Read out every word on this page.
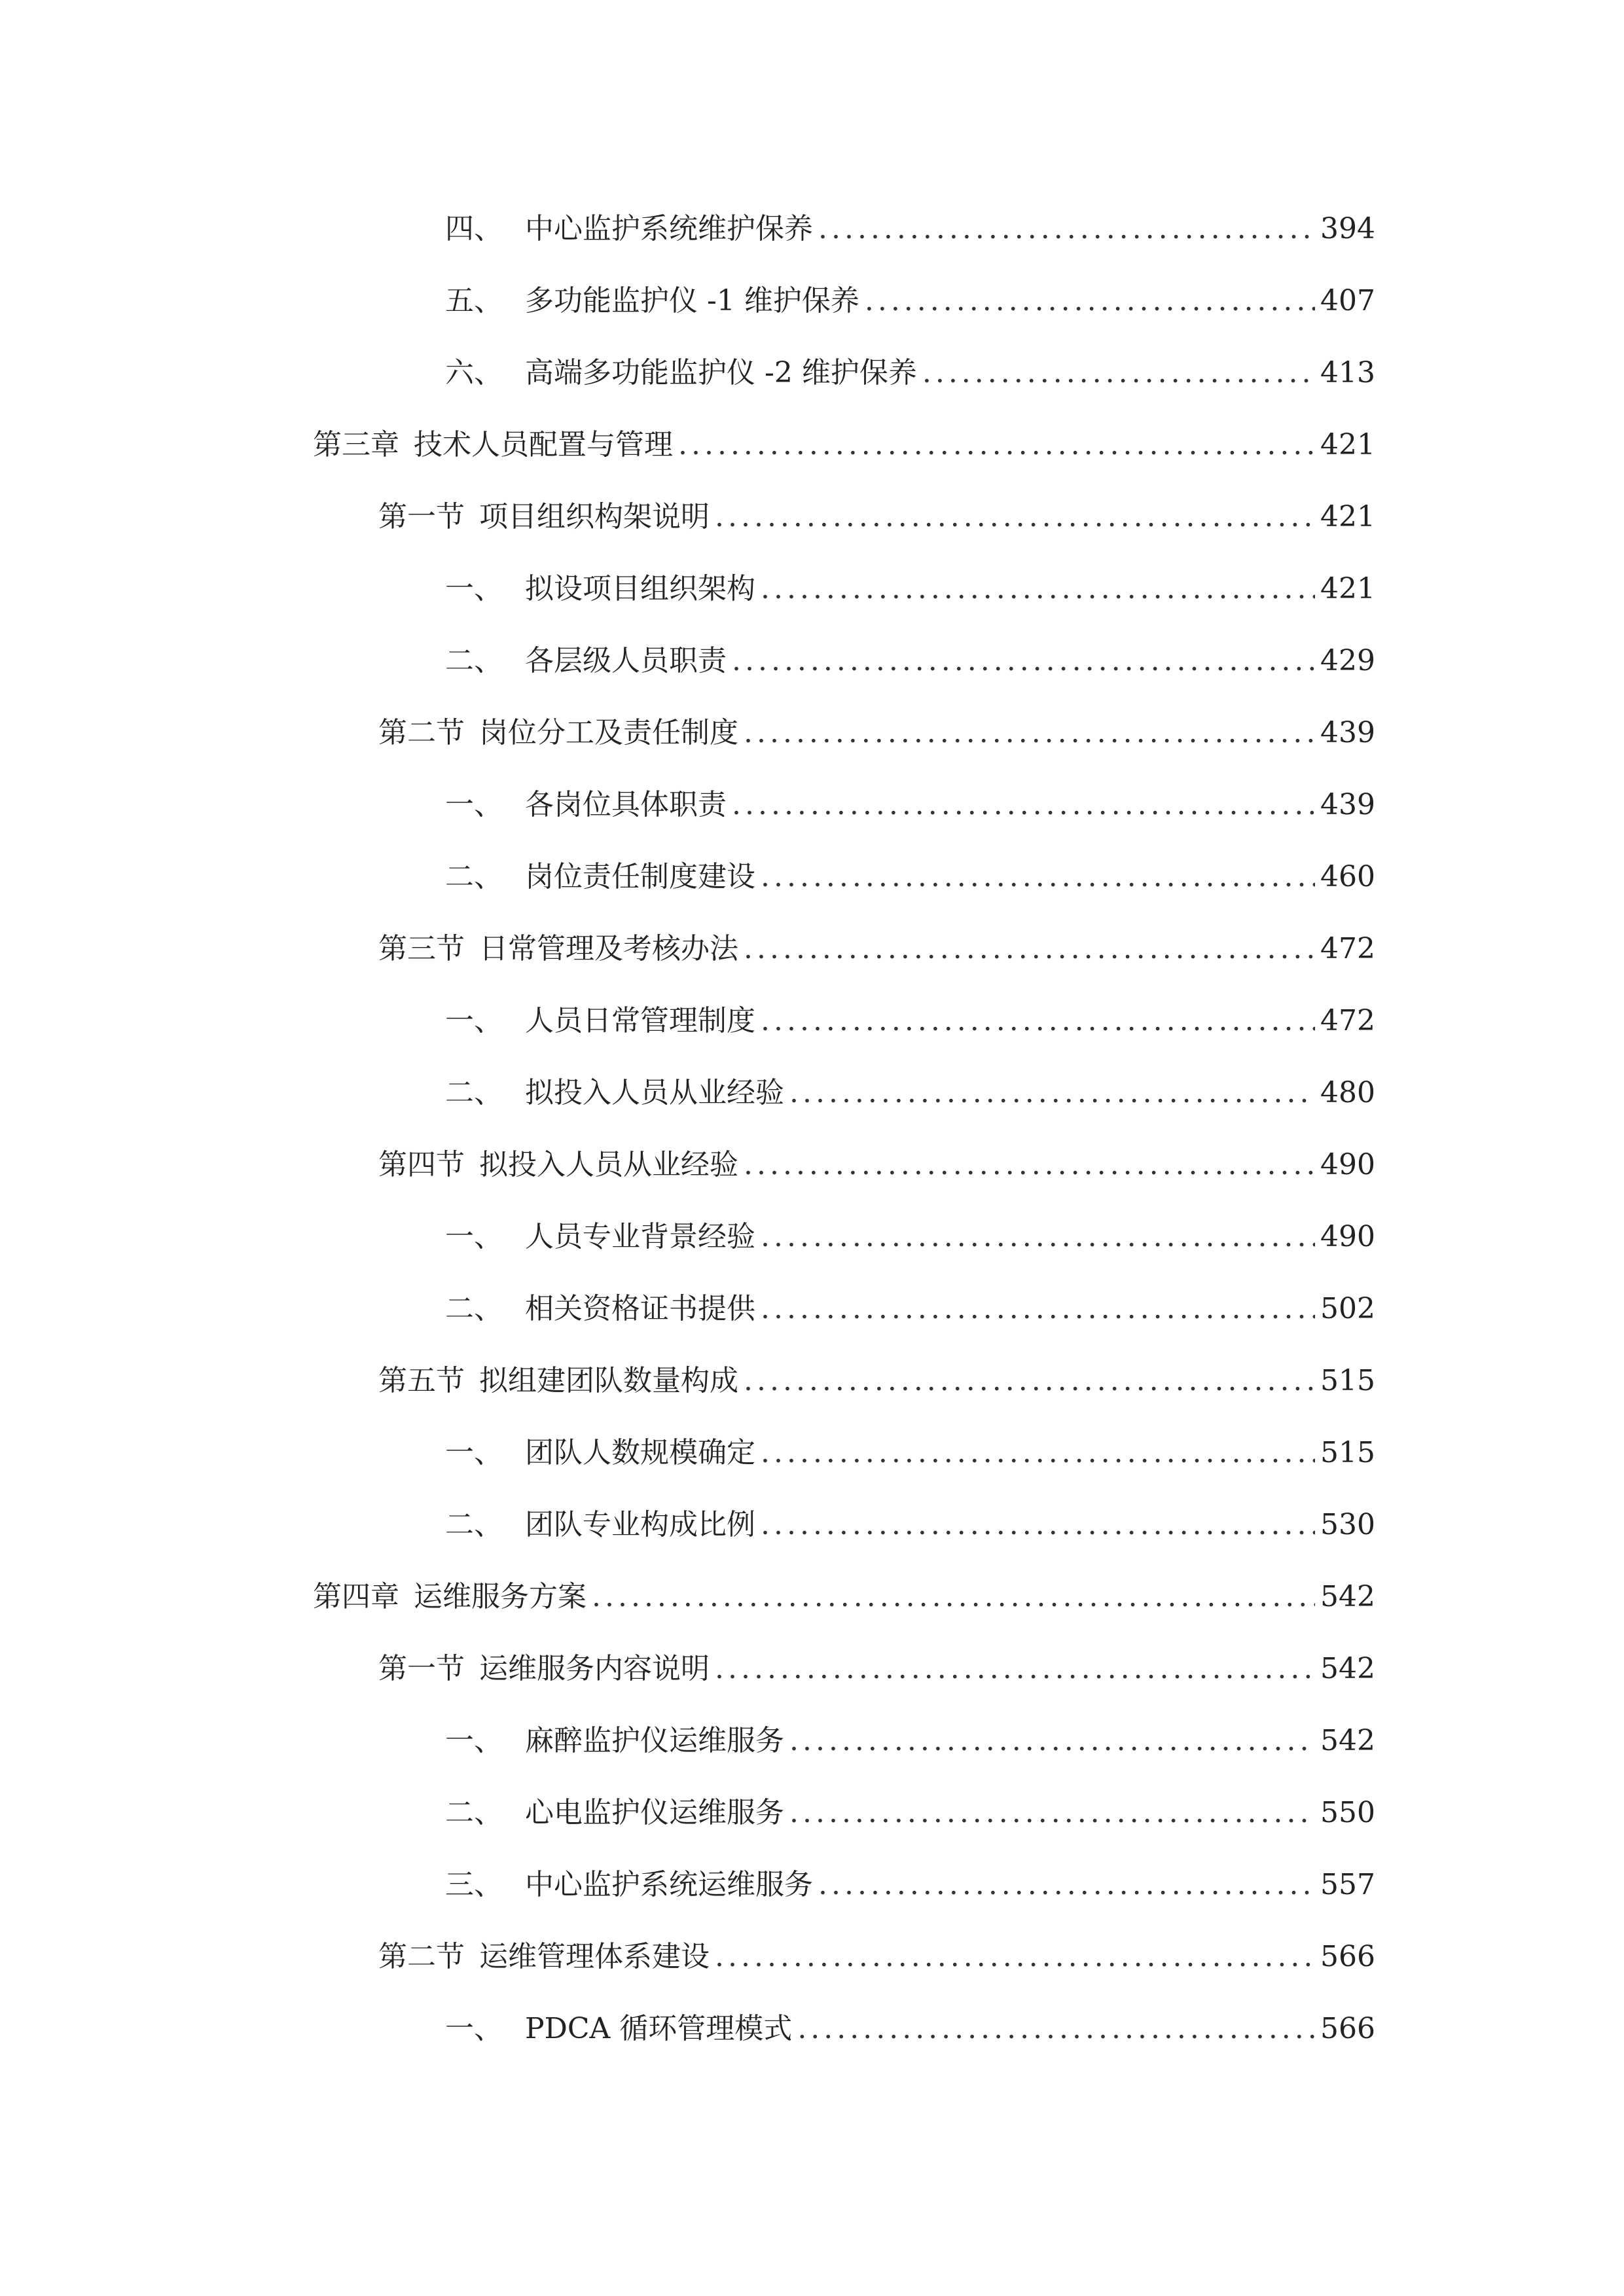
四、 中心监护系统维护保养 .....	394
五、 多功能监护仪 -1 维护保养 .....	407
六、 高端多功能监护仪 -2 维护保养 .....	413
第三章 技术人员配置与管理 .....	421
第一节 项目组织构架说明 .....	421
一、 拟设项目组织架构 .....	421
二、 各层级人员职责 .....	429
第二节 岗位分工及责任制度 .....	439
一、 各岗位具体职责 .....	439
二、 岗位责任制度建设 .....	460
第三节 日常管理及考核办法 .....	472
一、 人员日常管理制度 .....	472
二、 拟投入人员从业经验 .....	480
第四节 拟投入人员从业经验 .....	490
一、 人员专业背景经验 .....	490
二、 相关资格证书提供 .....	502
第五节 拟组建团队数量构成 .....	515
一、 团队人数规模确定 .....	515
二、 团队专业构成比例 .....	530
第四章 运维服务方案 .....	542
第一节 运维服务内容说明 .....	542
一、 麻醉监护仪运维服务 .....	542
二、 心电监护仪运维服务 .....	550
三、 中心监护系统运维服务 .....	557
第二节 运维管理体系建设 .....	566
一、 PDCA 循环管理模式 .....	566
